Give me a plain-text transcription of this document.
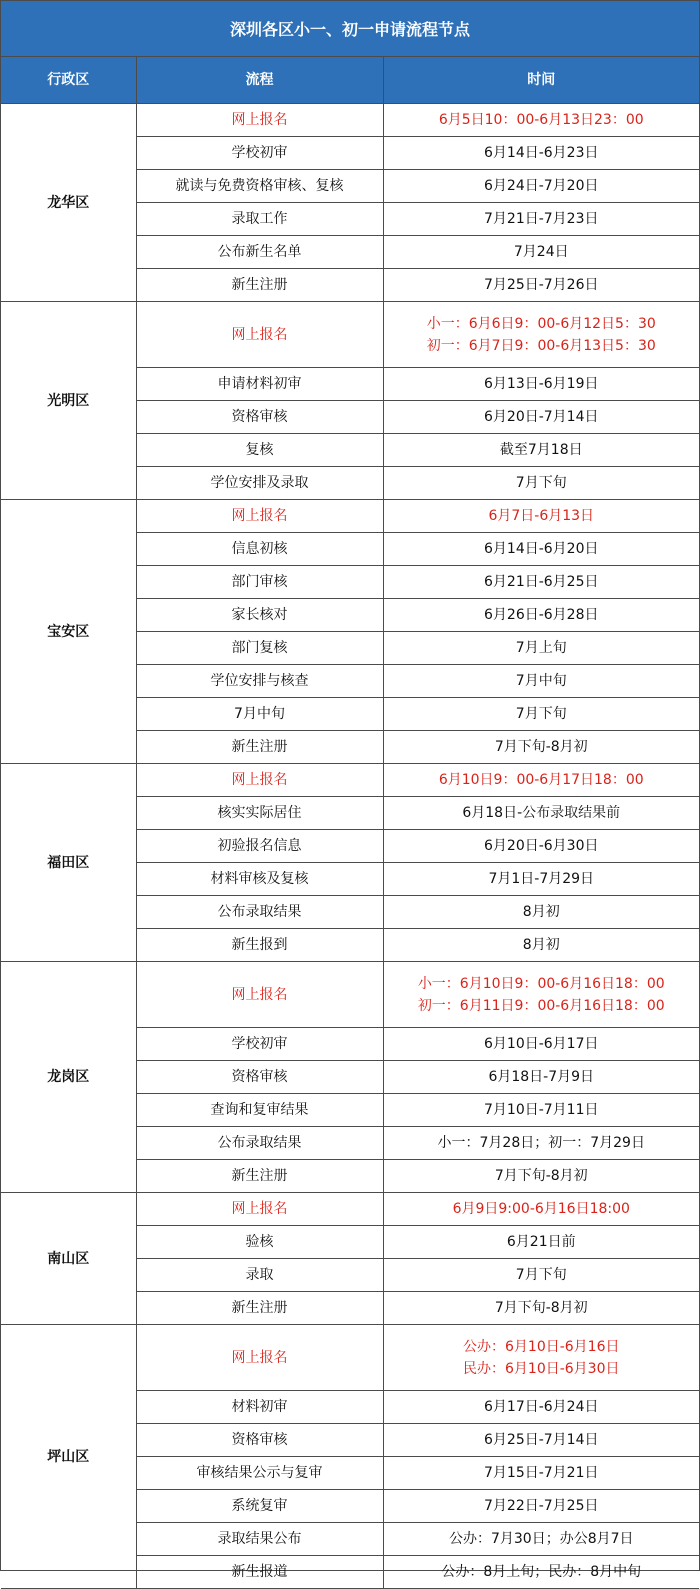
深圳各区小一、初一申请流程节点
行政区	流程	时间
龙华区	网上报名	6月5日10：00-6月13日23：00

	学校初审	6月14日-6月23日

	就读与免费资格审核、复核	6月24日-7月20日

	录取工作	7月21日-7月23日

	公布新生名单	7月24日

	新生注册	7月25日-7月26日

光明区	网上报名	小一：6月6日9：00-6月12日5：30
初一：6月7日9：00-6月13日5：30

	申请材料初审	6月13日-6月19日

	资格审核	6月20日-7月14日

	复核	截至7月18日

	学位安排及录取	7月下旬

宝安区	网上报名	6月7日-6月13日

	信息初核	6月14日-6月20日

	部门审核	6月21日-6月25日

	家长核对	6月26日-6月28日

	部门复核	7月上旬

	学位安排与核查	7月中旬

	7月中旬	7月下旬

	新生注册	7月下旬-8月初

福田区	网上报名	6月10日9：00-6月17日18：00

	核实实际居住	6月18日-公布录取结果前

	初验报名信息	6月20日-6月30日

	材料审核及复核	7月1日-7月29日

	公布录取结果	8月初

	新生报到	8月初

龙岗区	网上报名	小一：6月10日9：00-6月16日18：00
初一：6月11日9：00-6月16日18：00

	学校初审	6月10日-6月17日

	资格审核	6月18日-7月9日

	查询和复审结果	7月10日-7月11日

	公布录取结果	小一：7月28日；初一：7月29日

	新生注册	7月下旬-8月初

南山区	网上报名	6月9日9:00-6月16日18:00

	验核	6月21日前

	录取	7月下旬

	新生注册	7月下旬-8月初

坪山区	网上报名	公办：6月10日-6月16日
民办：6月10日-6月30日

	材料初审	6月17日-6月24日

	资格审核	6月25日-7月14日

	审核结果公示与复审	7月15日-7月21日

	系统复审	7月22日-7月25日

	录取结果公布	公办：7月30日；办公8月7日

	新生报道	公办：8月上旬；民办：8月中旬
